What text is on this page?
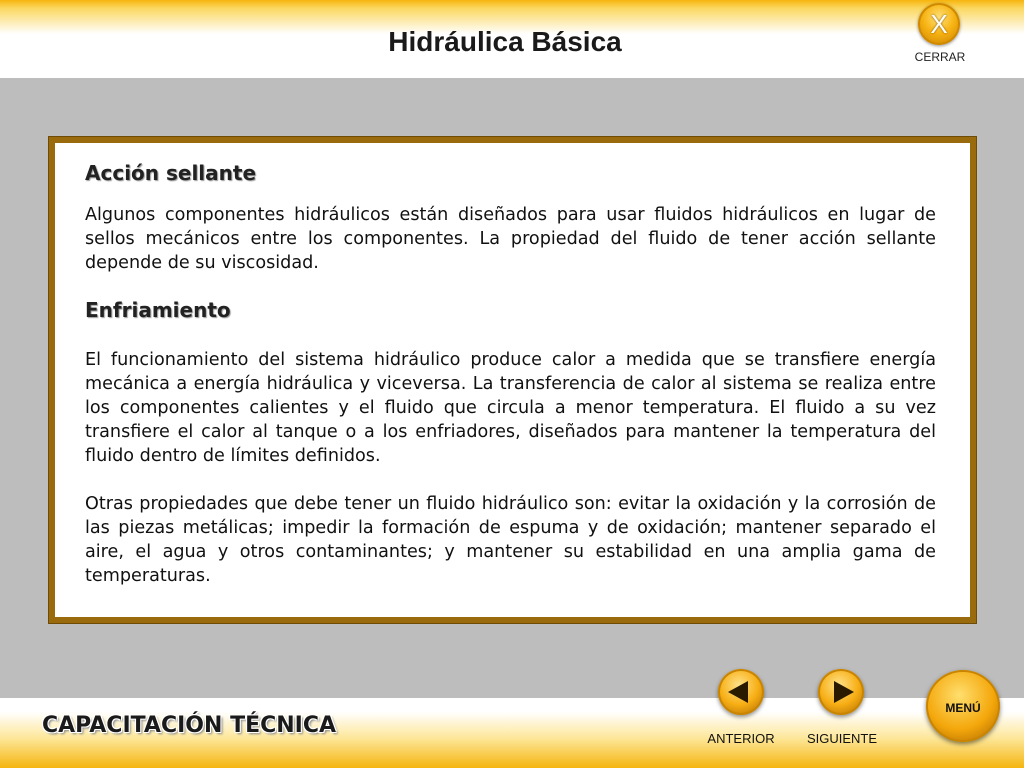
Hidráulica Básica
X
CERRAR
Acción sellante

Algunos componentes hidráulicos están diseñados para usar fluidos hidráulicos en lugar de sellos mecánicos entre los componentes. La propiedad del fluido de tener acción sellante depende de su viscosidad.

Enfriamiento

El funcionamiento del sistema hidráulico produce calor a medida que se transfiere energía mecánica a energía hidráulica y viceversa. La transferencia de calor al sistema se realiza entre los componentes calientes y el fluido que circula a menor temperatura. El fluido a su vez transfiere el calor al tanque o a los enfriadores, diseñados para mantener la temperatura del fluido dentro de límites definidos.

Otras propiedades que debe tener un fluido hidráulico son: evitar la oxidación y la corrosión de las piezas metálicas; impedir la formación de espuma y de oxidación; mantener separado el aire, el agua y otros contaminantes; y mantener su estabilidad en una amplia gama de temperaturas.

CAPACITACIÓN TÉCNICA
ANTERIOR	SIGUIENTE
MENÚ
